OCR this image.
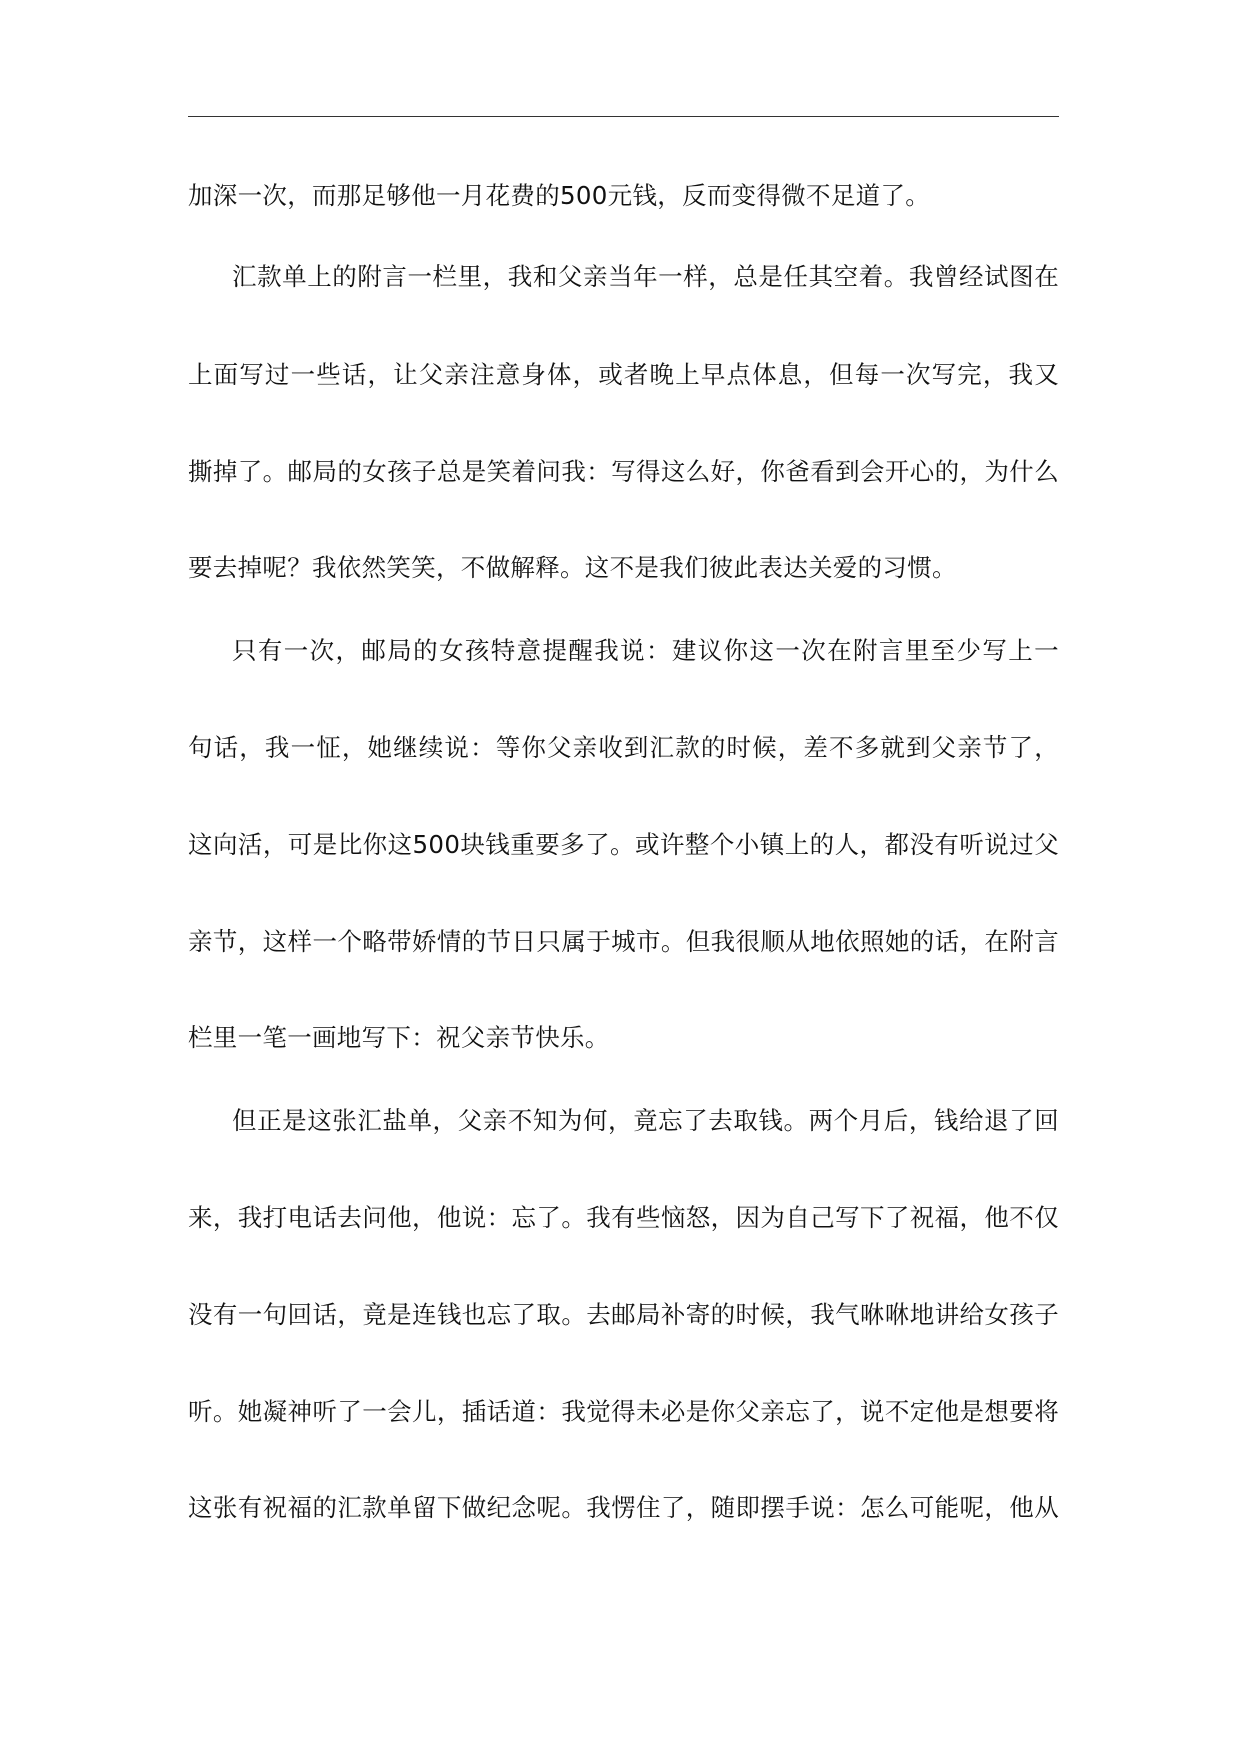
加深一次，而那足够他一月花费的500元钱，反而变得微不足道了。
汇款单上的附言一栏里，我和父亲当年一样，总是任其空着。我曾经试图在
上面写过一些话，让父亲注意身体，或者晚上早点体息，但每一次写完，我又
撕掉了。邮局的女孩子总是笑着问我：写得这么好，你爸看到会开心的，为什么
要去掉呢？我依然笑笑，不做解释。这不是我们彼此表达关爱的习惯。
只有一次，邮局的女孩特意提醒我说：建议你这一次在附言里至少写上一
句话，我一怔，她继续说：等你父亲收到汇款的时候，差不多就到父亲节了，
这向活，可是比你这500块钱重要多了。或许整个小镇上的人，都没有听说过父
亲节，这样一个略带娇情的节日只属于城市。但我很顺从地依照她的话，在附言
栏里一笔一画地写下：祝父亲节快乐。
但正是这张汇盐单，父亲不知为何，竟忘了去取钱。两个月后，钱给退了回
来，我打电话去问他，他说：忘了。我有些恼怒，因为自己写下了祝福，他不仅
没有一句回话，竟是连钱也忘了取。去邮局补寄的时候，我气咻咻地讲给女孩子
听。她凝神听了一会儿，插话道：我觉得未必是你父亲忘了，说不定他是想要将
这张有祝福的汇款单留下做纪念呢。我愣住了，随即摆手说：怎么可能呢，他从
